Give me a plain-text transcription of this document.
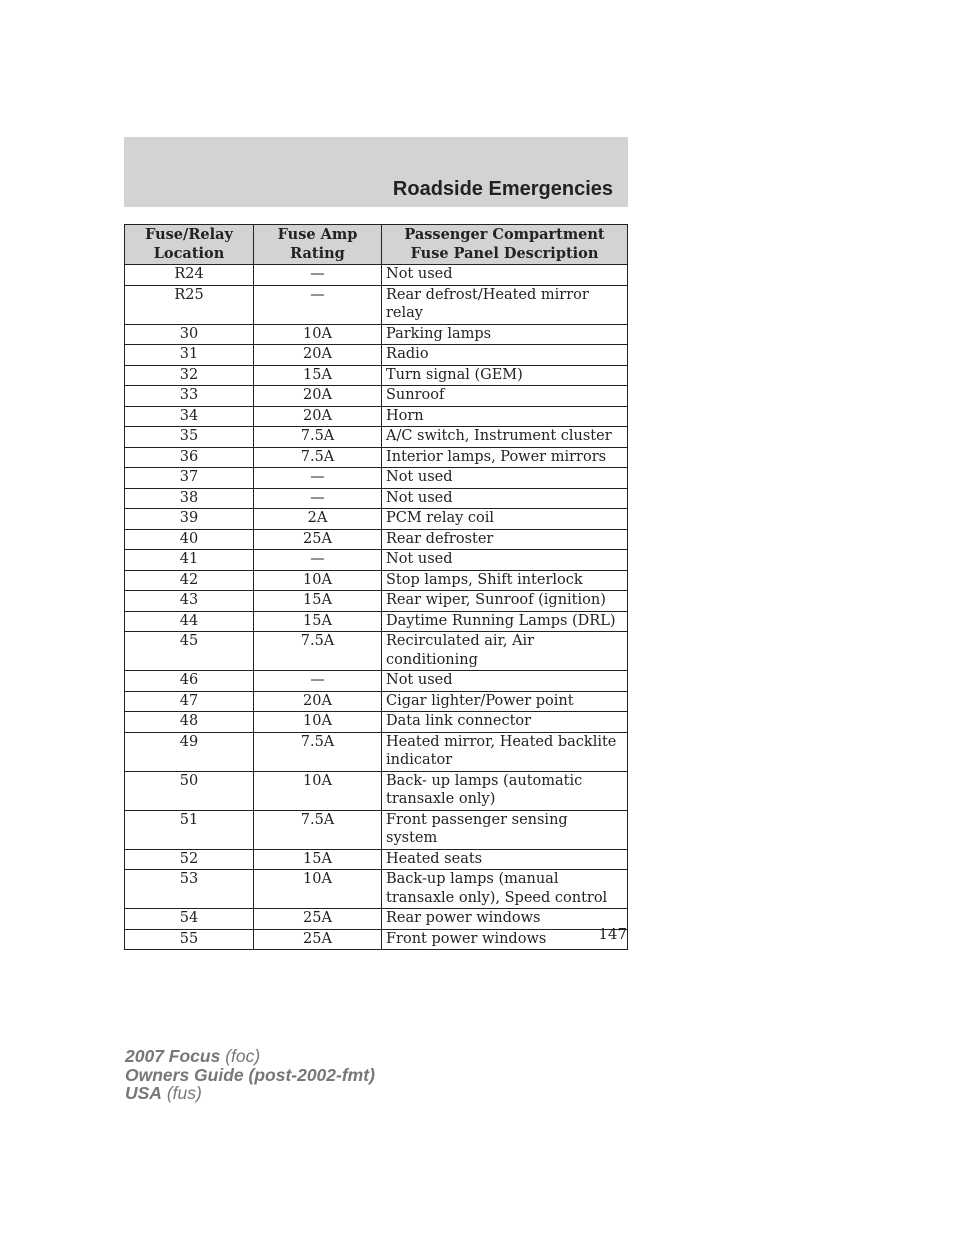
Roadside Emergencies
Fuse/Relay Location	Fuse Amp Rating	Passenger Compartment Fuse Panel Description
R24	—	Not used
R25	—	Rear defrost/Heated mirror relay
30	10A	Parking lamps
31	20A	Radio
32	15A	Turn signal (GEM)
33	20A	Sunroof
34	20A	Horn
35	7.5A	A/C switch, Instrument cluster
36	7.5A	Interior lamps, Power mirrors
37	—	Not used
38	—	Not used
39	2A	PCM relay coil
40	25A	Rear defroster
41	—	Not used
42	10A	Stop lamps, Shift interlock
43	15A	Rear wiper, Sunroof (ignition)
44	15A	Daytime Running Lamps (DRL)
45	7.5A	Recirculated air, Air conditioning
46	—	Not used
47	20A	Cigar lighter/Power point
48	10A	Data link connector
49	7.5A	Heated mirror, Heated backlite indicator
50	10A	Back- up lamps (automatic transaxle only)
51	7.5A	Front passenger sensing system
52	15A	Heated seats
53	10A	Back-up lamps (manual transaxle only), Speed control
54	25A	Rear power windows
55	25A	Front power windows	147
2007 Focus (foc)
Owners Guide (post-2002-fmt)
USA (fus)
